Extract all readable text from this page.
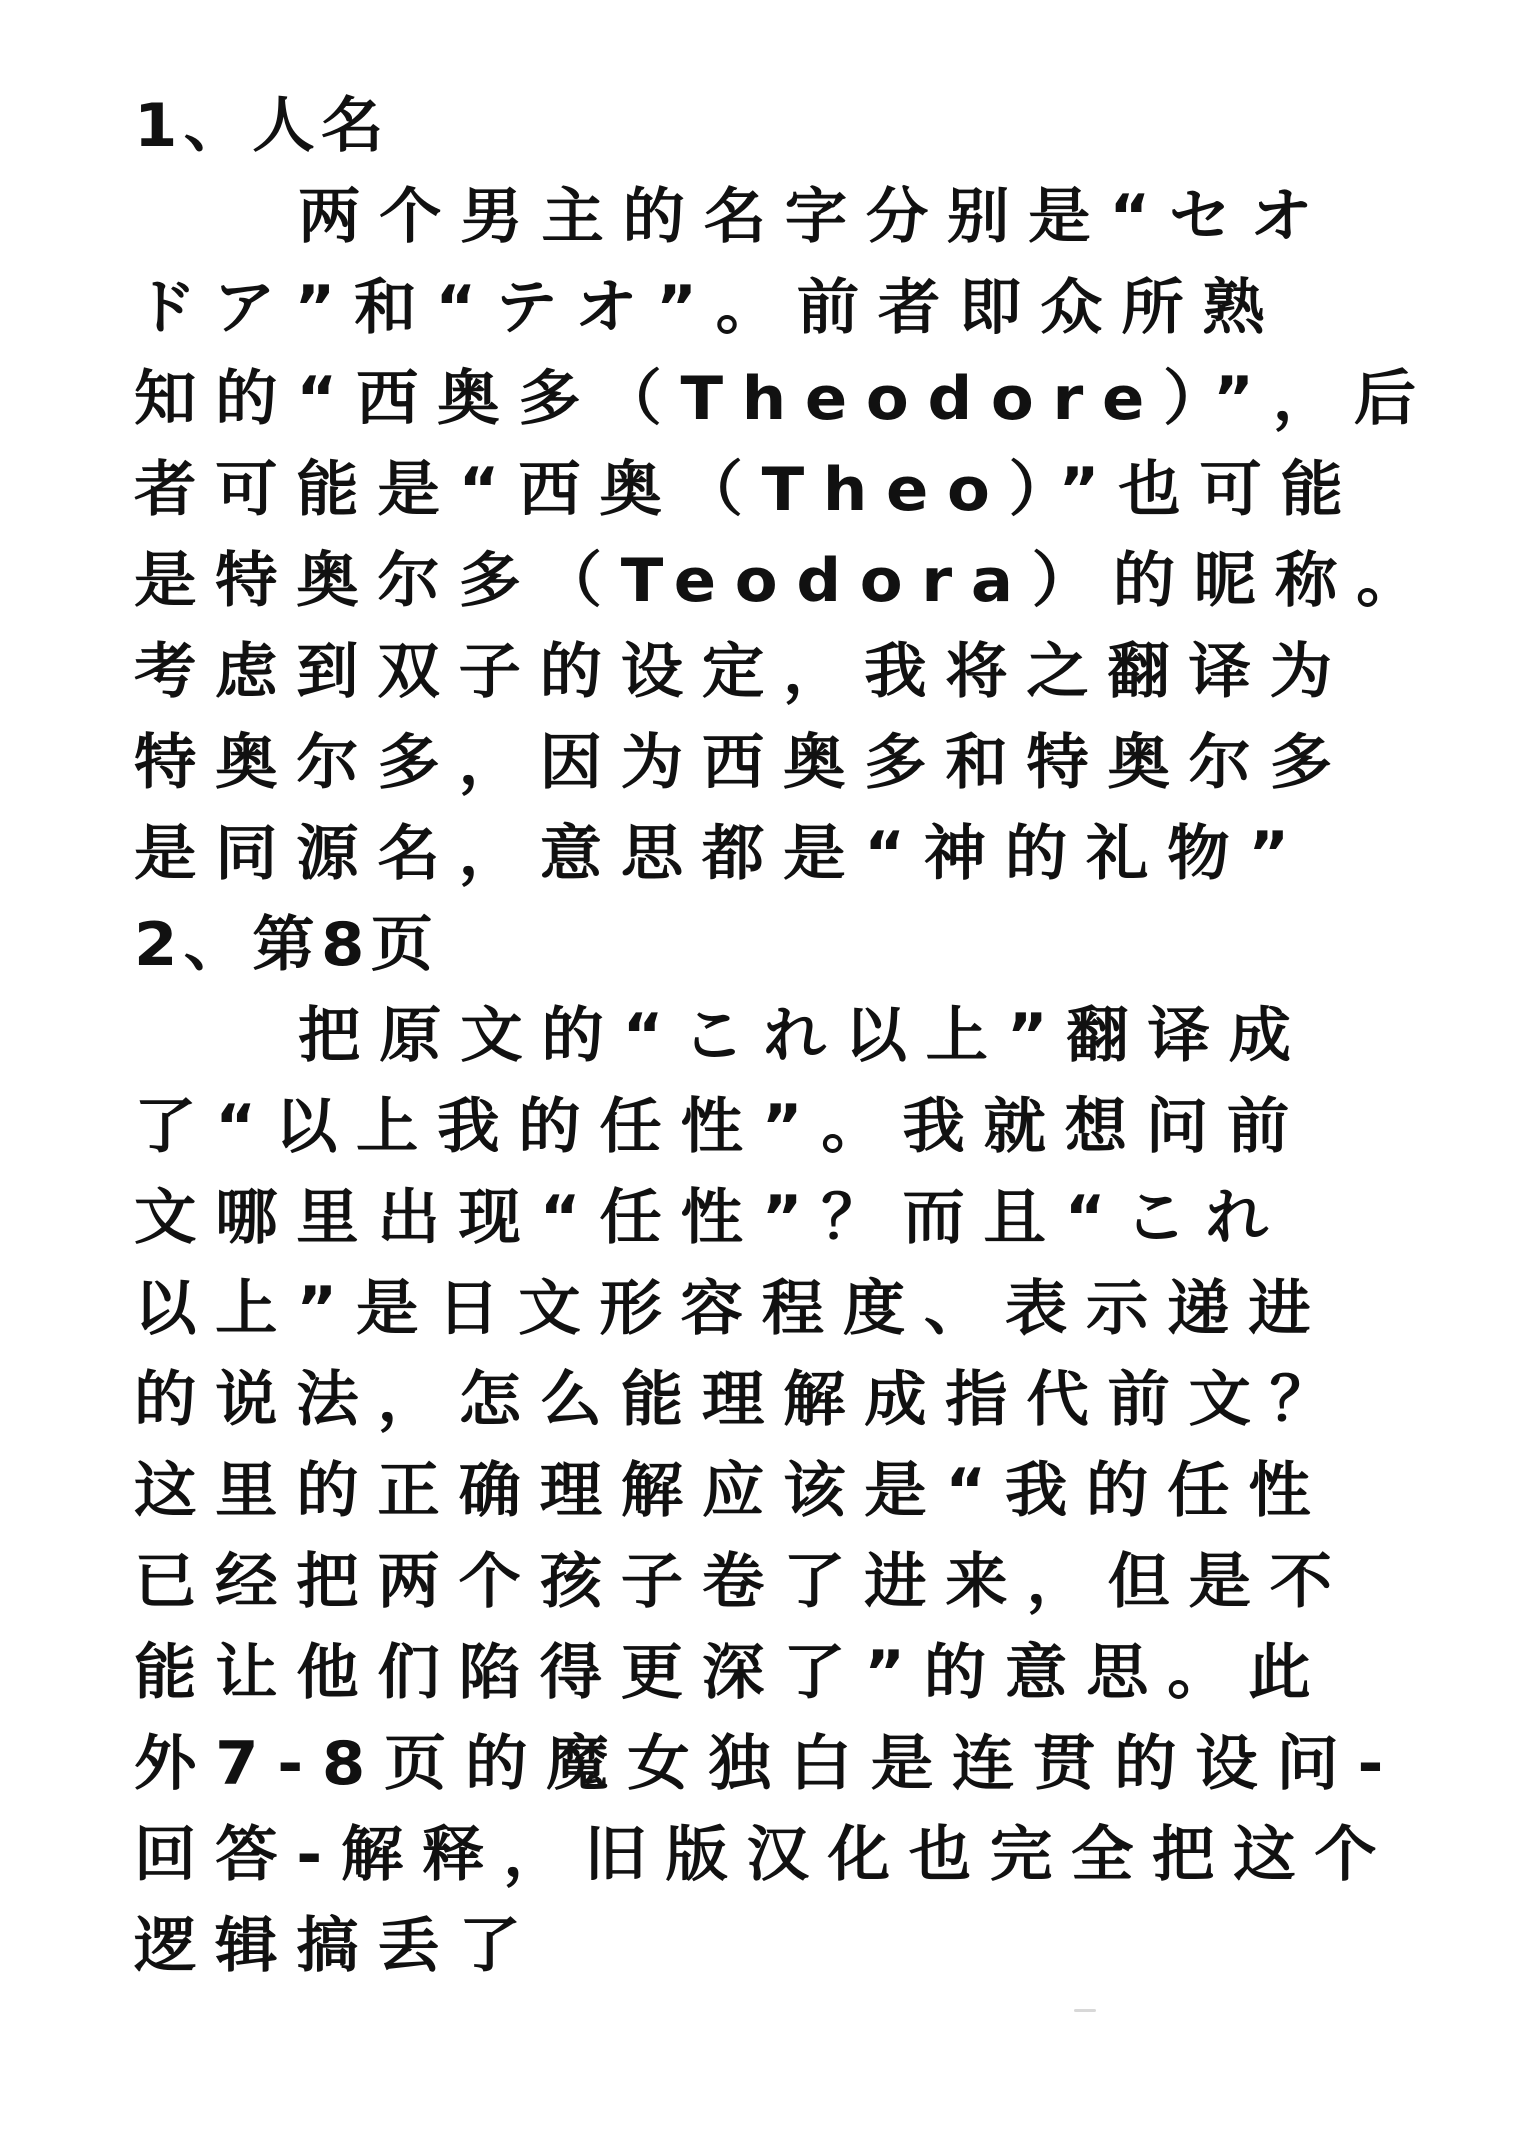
1、人名

两个男主的名字分别是“セオ

ドア”和“テオ”。前者即众所熟

知的“西奥多（Theodore）”，后

者可能是“西奥（Theo）”也可能

是特奥尔多（Teodora）的昵称。

考虑到双子的设定，我将之翻译为

特奥尔多，因为西奥多和特奥尔多

是同源名，意思都是“神的礼物”

2、第8页

把原文的“これ以上”翻译成

了“以上我的任性”。我就想问前

文哪里出现“任性”？而且“これ

以上”是日文形容程度、表示递进

的说法，怎么能理解成指代前文？

这里的正确理解应该是“我的任性

已经把两个孩子卷了进来，但是不

能让他们陷得更深了”的意思。此

外7-8页的魔女独白是连贯的设问-

回答-解释，旧版汉化也完全把这个

逻辑搞丢了
